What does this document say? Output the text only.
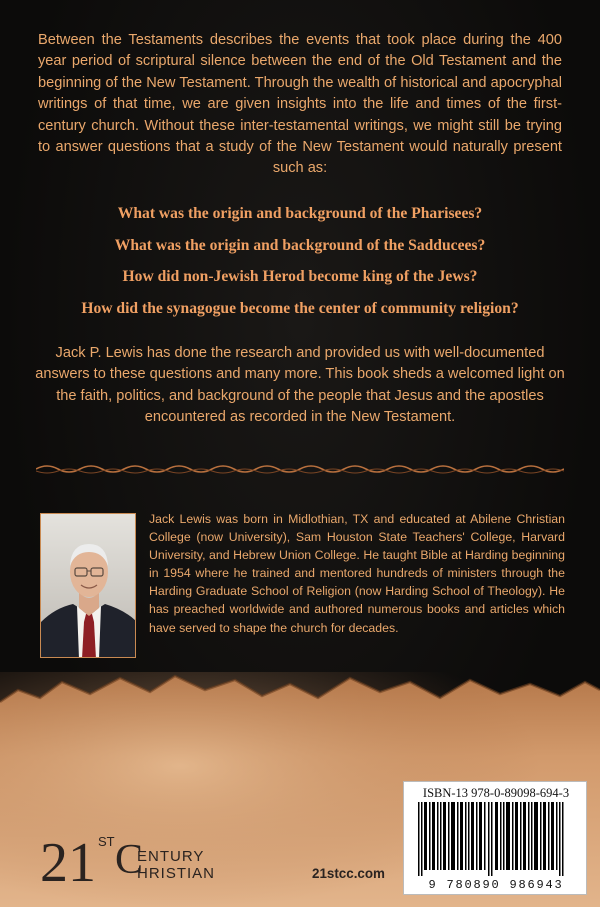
Between the Testaments describes the events that took place during the 400 year period of scriptural silence between the end of the Old Testament and the beginning of the New Testament. Through the wealth of historical and apocryphal writings of that time, we are given insights into the life and times of the first-century church. Without these inter-testamental writings, we might still be trying to answer questions that a study of the New Testament would naturally present such as:

What was the origin and background of the Pharisees?
What was the origin and background of the Sadducees?
How did non-Jewish Herod become king of the Jews?
How did the synagogue become the center of community religion?

Jack P. Lewis has done the research and provided us with well-documented answers to these questions and many more. This book sheds a welcomed light on the faith, politics, and background of the people that Jesus and the apostles encountered as recorded in the New Testament.

Jack Lewis was born in Midlothian, TX and educated at Abilene Christian College (now University), Sam Houston State Teachers' College, Harvard University, and Hebrew Union College. He taught Bible at Harding beginning in 1954 where he trained and mentored hundreds of ministers through the Harding Graduate School of Religion (now Harding School of Theology). He has preached worldwide and authored numerous books and articles which have served to shape the church for decades.

ISBN-13 978-0-89098-694-3
9 780890 986943
21 ST C
ENTURY
HRISTIAN	21stcc.com
